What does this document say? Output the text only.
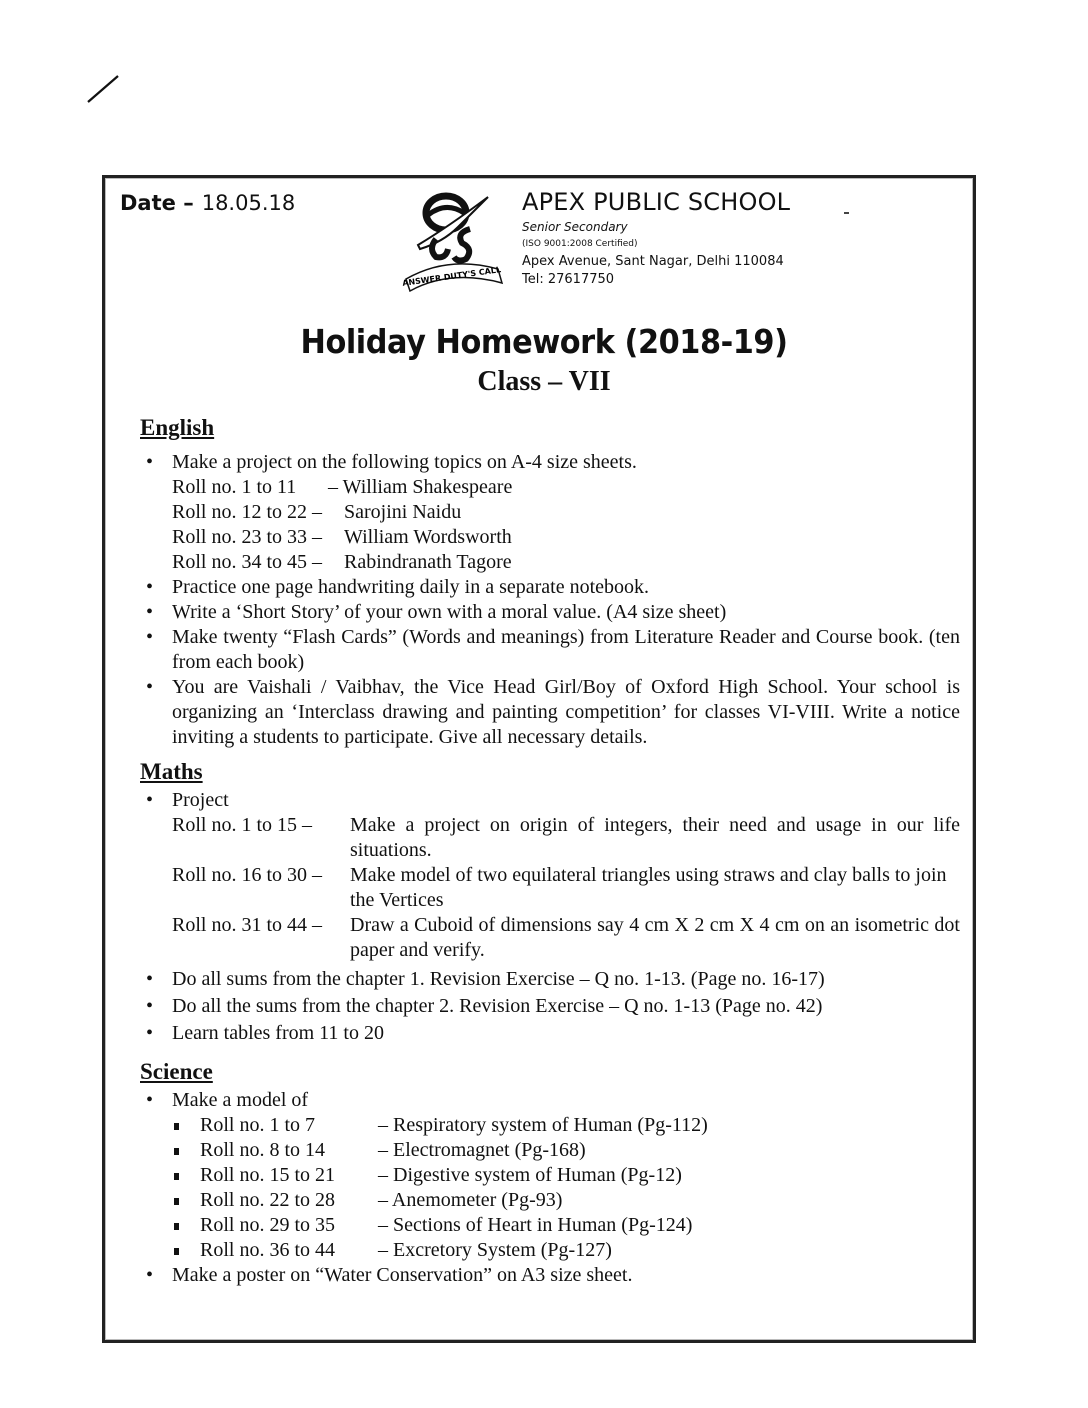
Date – 18.05.18
ANSWER DUTY'S CALL
APEX PUBLIC SCHOOL
Senior Secondary
(ISO 9001:2008 Certified)
Apex Avenue, Sant Nagar, Delhi 110084
Tel: 27617750
Holiday Homework (2018-19)
Class – VII
English
• Make a project on the following topics on A-4 size sheets.
Roll no. 1 to 11	– William Shakespeare
Roll no. 12 to 22 –	Sarojini Naidu
Roll no. 23 to 33 –	William Wordsworth
Roll no. 34 to 45 –	Rabindranath Tagore
• Practice one page handwriting daily in a separate notebook.
• Write a ‘Short Story’ of your own with a moral value. (A4 size sheet)
• Make twenty “Flash Cards” (Words and meanings) from Literature Reader and Course book. (ten from each book)
• You are Vaishali / Vaibhav, the Vice Head Girl/Boy of Oxford High School. Your school is organizing an ‘Interclass drawing and painting competition’ for classes VI-VIII. Write a notice inviting a students to participate. Give all necessary details.
Maths
• Project
Roll no. 1 to 15 –	Make a project on origin of integers, their need and usage in our life situations.
Roll no. 16 to 30 –	Make model of two equilateral triangles using straws and clay balls to join the Vertices
Roll no. 31 to 44 –	Draw a Cuboid of dimensions say 4 cm X 2 cm X 4 cm on an isometric dot paper and verify.
• Do all sums from the chapter 1. Revision Exercise – Q no. 1-13. (Page no. 16-17)
• Do all the sums from the chapter 2. Revision Exercise – Q no. 1-13 (Page no. 42)
• Learn tables from 11 to 20
Science
• Make a model of
Roll no. 1 to 7	– Respiratory system of Human (Pg-112)
Roll no. 8 to 14	– Electromagnet (Pg-168)
Roll no. 15 to 21 – Digestive system of Human (Pg-12)
Roll no. 22 to 28 – Anemometer (Pg-93)
Roll no. 29 to 35 – Sections of Heart in Human (Pg-124)
Roll no. 36 to 44 – Excretory System (Pg-127)
• Make a poster on “Water Conservation” on A3 size sheet.
